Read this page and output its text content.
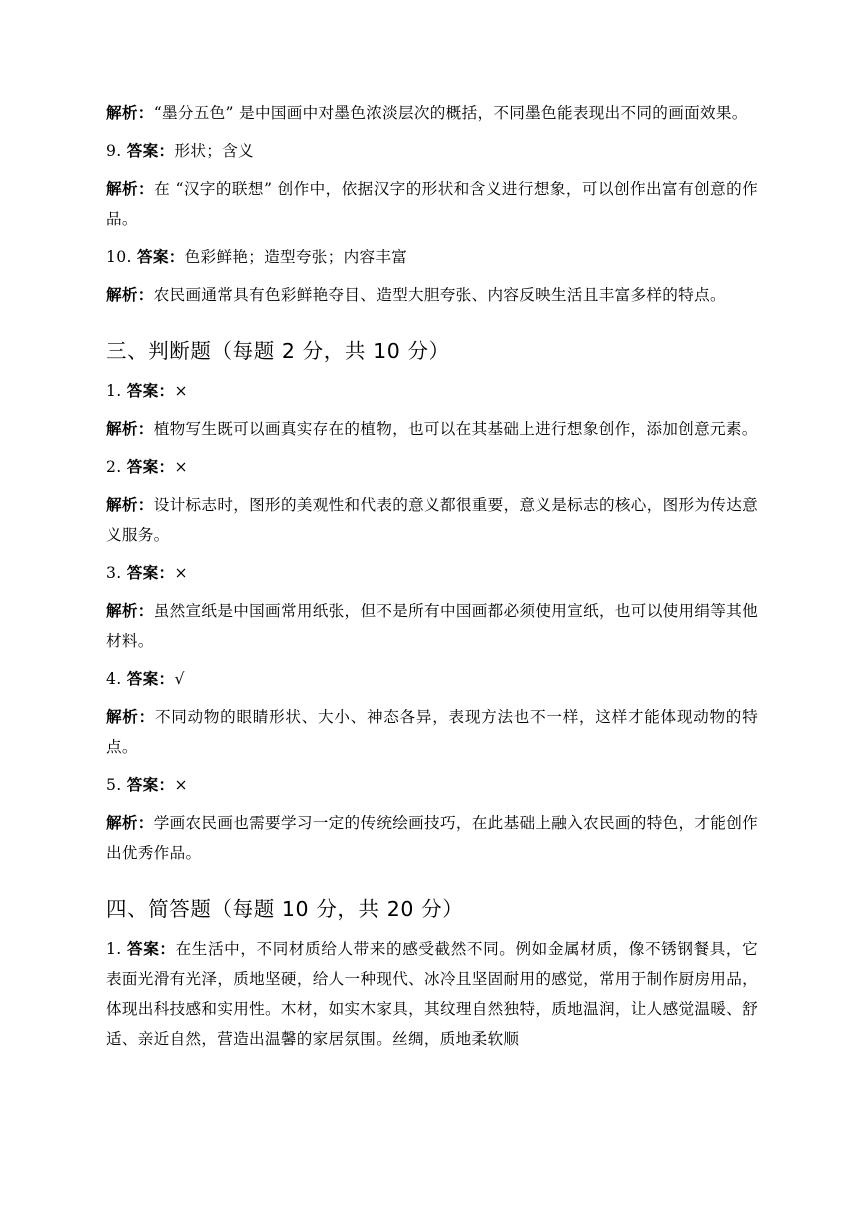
解析：“墨分五色” 是中国画中对墨色浓淡层次的概括，不同墨色能表现出不同的画面效果。
9. 答案：形状；含义
解析：在 “汉字的联想” 创作中，依据汉字的形状和含义进行想象，可以创作出富有创意的作品。
10. 答案：色彩鲜艳；造型夸张；内容丰富
解析：农民画通常具有色彩鲜艳夺目、造型大胆夸张、内容反映生活且丰富多样的特点。
三、判断题（每题 2 分，共 10 分）
1. 答案：×
解析：植物写生既可以画真实存在的植物，也可以在其基础上进行想象创作，添加创意元素。
2. 答案：×
解析：设计标志时，图形的美观性和代表的意义都很重要，意义是标志的核心，图形为传达意义服务。
3. 答案：×
解析：虽然宣纸是中国画常用纸张，但不是所有中国画都必须使用宣纸，也可以使用绢等其他材料。
4. 答案：√
解析：不同动物的眼睛形状、大小、神态各异，表现方法也不一样，这样才能体现动物的特点。
5. 答案：×
解析：学画农民画也需要学习一定的传统绘画技巧，在此基础上融入农民画的特色，才能创作出优秀作品。
四、简答题（每题 10 分，共 20 分）
1. 答案：在生活中，不同材质给人带来的感受截然不同。例如金属材质，像不锈钢餐具，它表面光滑有光泽，质地坚硬，给人一种现代、冰冷且坚固耐用的感觉，常用于制作厨房用品，体现出科技感和实用性。木材，如实木家具，其纹理自然独特，质地温润，让人感觉温暖、舒适、亲近自然，营造出温馨的家居氛围。丝绸，质地柔软顺
